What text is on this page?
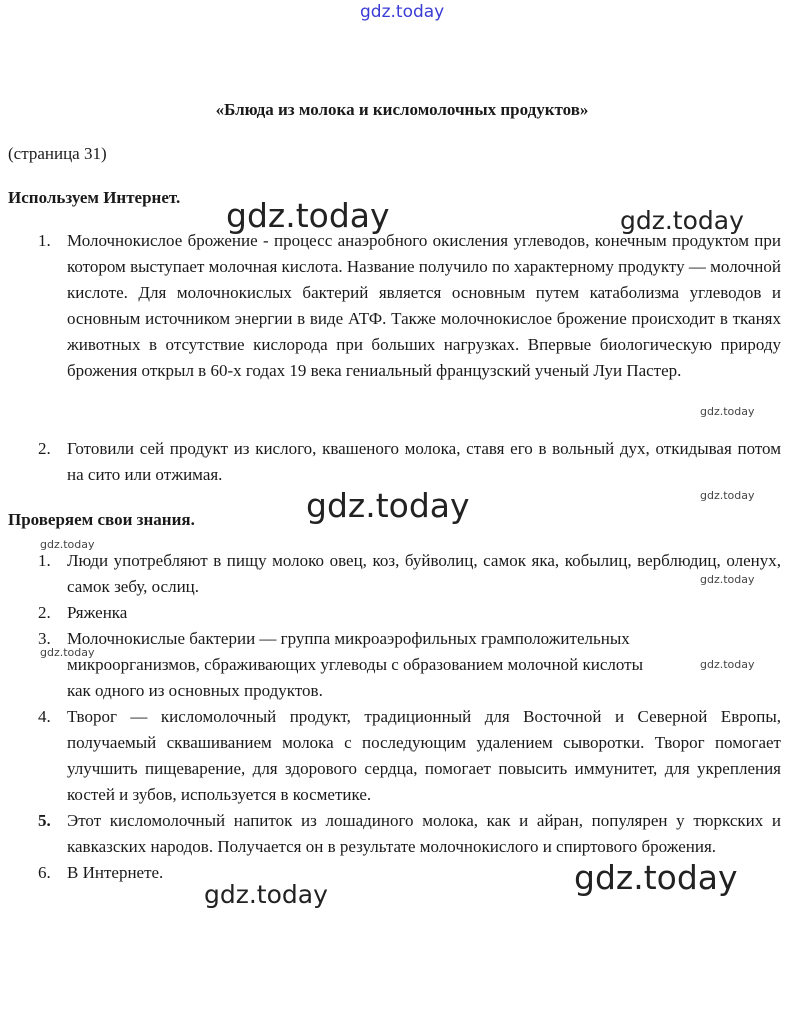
gdz.today
«Блюда из молока и кисломолочных продуктов»
(страница 31)
Используем Интернет.
1. Молочнокислое брожение - процесс анаэробного окисления углеводов, конечным продуктом при котором выступает молочная кислота. Название получило по характерному продукту — молочной кислоте. Для молочнокислых бактерий является основным путем катаболизма углеводов и основным источником энергии в виде АТФ. Также молочнокислое брожение происходит в тканях животных в отсутствие кислорода при больших нагрузках. Впервые биологическую природу брожения открыл в 60-х годах 19 века гениальный французский ученый Луи Пастер.
2. Готовили сей продукт из кислого, квашеного молока, ставя его в вольный дух, откидывая потом на сито или отжимая.
Проверяем свои знания.
1. Люди употребляют в пищу молоко овец, коз, буйволиц, самок яка, кобылиц, верблюдиц, оленух, самок зебу, ослиц.
2. Ряженка
3. Молочнокислые бактерии — группа микроаэрофильных грамположительных микроорганизмов, сбраживающих углеводы с образованием молочной кислоты как одного из основных продуктов.
4. Творог — кисломолочный продукт, традиционный для Восточной и Северной Европы, получаемый сквашиванием молока с последующим удалением сыворотки. Творог помогает улучшить пищеварение, для здорового сердца, помогает повысить иммунитет, для укрепления костей и зубов, используется в косметике.
5. Этот кисломолочный напиток из лошадиного молока, как и айран, популярен у тюркских и кавказских народов. Получается он в результате молочнокислого и спиртового брожения.
6. В Интернете.
gdz.today	gdz.today
gdz.today
gdz.today
gdz.today
gdz.today
gdz.today
gdz.today
gdz.today
gdz.today
gdz.today
